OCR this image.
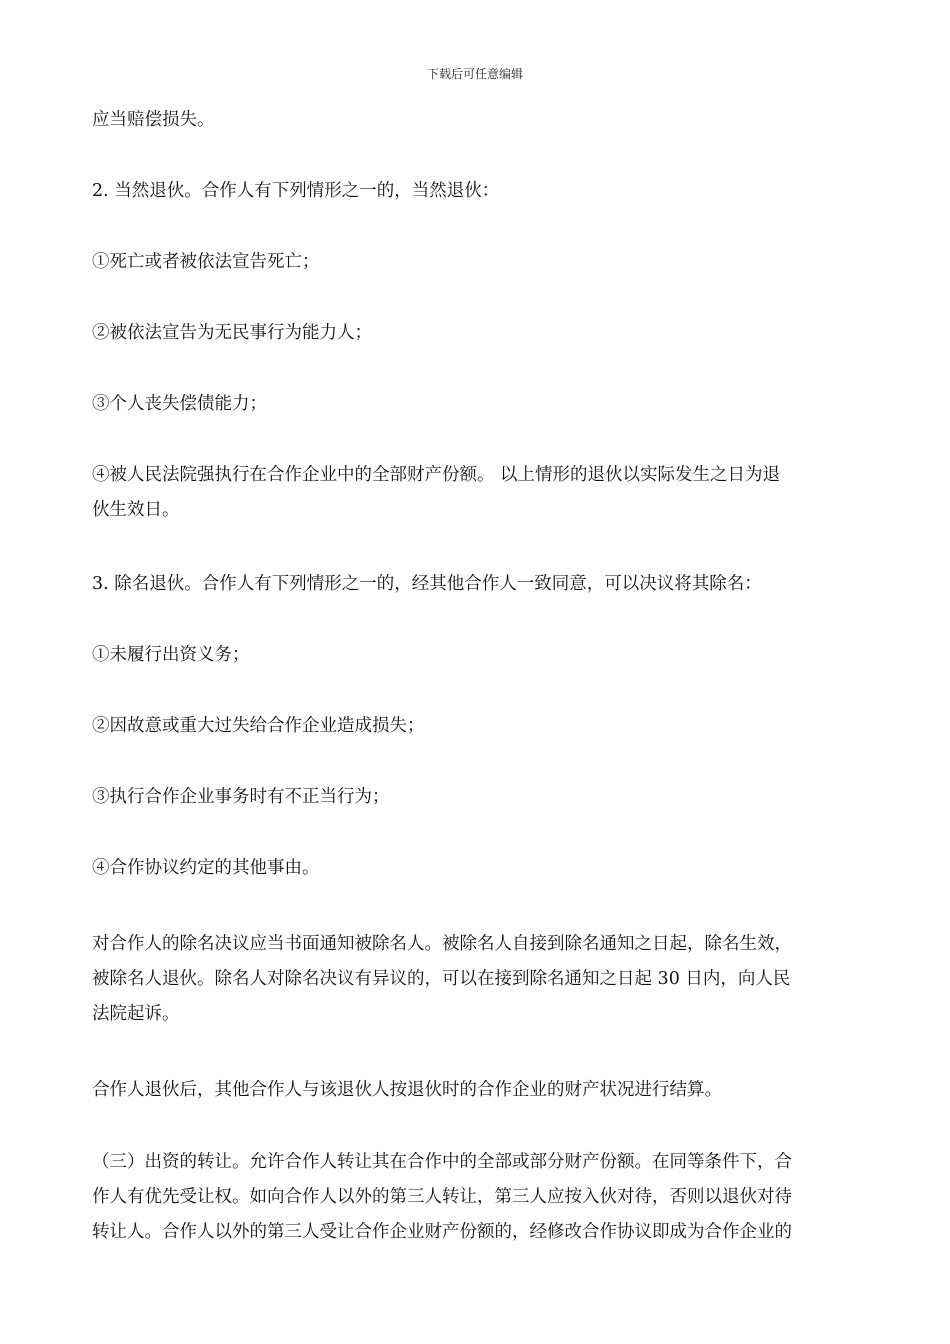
下载后可任意编辑
应当赔偿损失。
2. 当然退伙。合作人有下列情形之一的，当然退伙：
①死亡或者被依法宣告死亡；
②被依法宣告为无民事行为能力人；
③个人丧失偿债能力；
④被人民法院强执行在合作企业中的全部财产份额。 以上情形的退伙以实际发生之日为退
伙生效日。
3. 除名退伙。合作人有下列情形之一的，经其他合作人一致同意，可以决议将其除名：
①未履行出资义务；
②因故意或重大过失给合作企业造成损失；
③执行合作企业事务时有不正当行为；
④合作协议约定的其他事由。
对合作人的除名决议应当书面通知被除名人。被除名人自接到除名通知之日起，除名生效，
被除名人退伙。除名人对除名决议有异议的，可以在接到除名通知之日起 30 日内，向人民
法院起诉。
合作人退伙后，其他合作人与该退伙人按退伙时的合作企业的财产状况进行结算。
（三）出资的转让。允许合作人转让其在合作中的全部或部分财产份额。在同等条件下，合
作人有优先受让权。如向合作人以外的第三人转让，第三人应按入伙对待，否则以退伙对待
转让人。合作人以外的第三人受让合作企业财产份额的，经修改合作协议即成为合作企业的
